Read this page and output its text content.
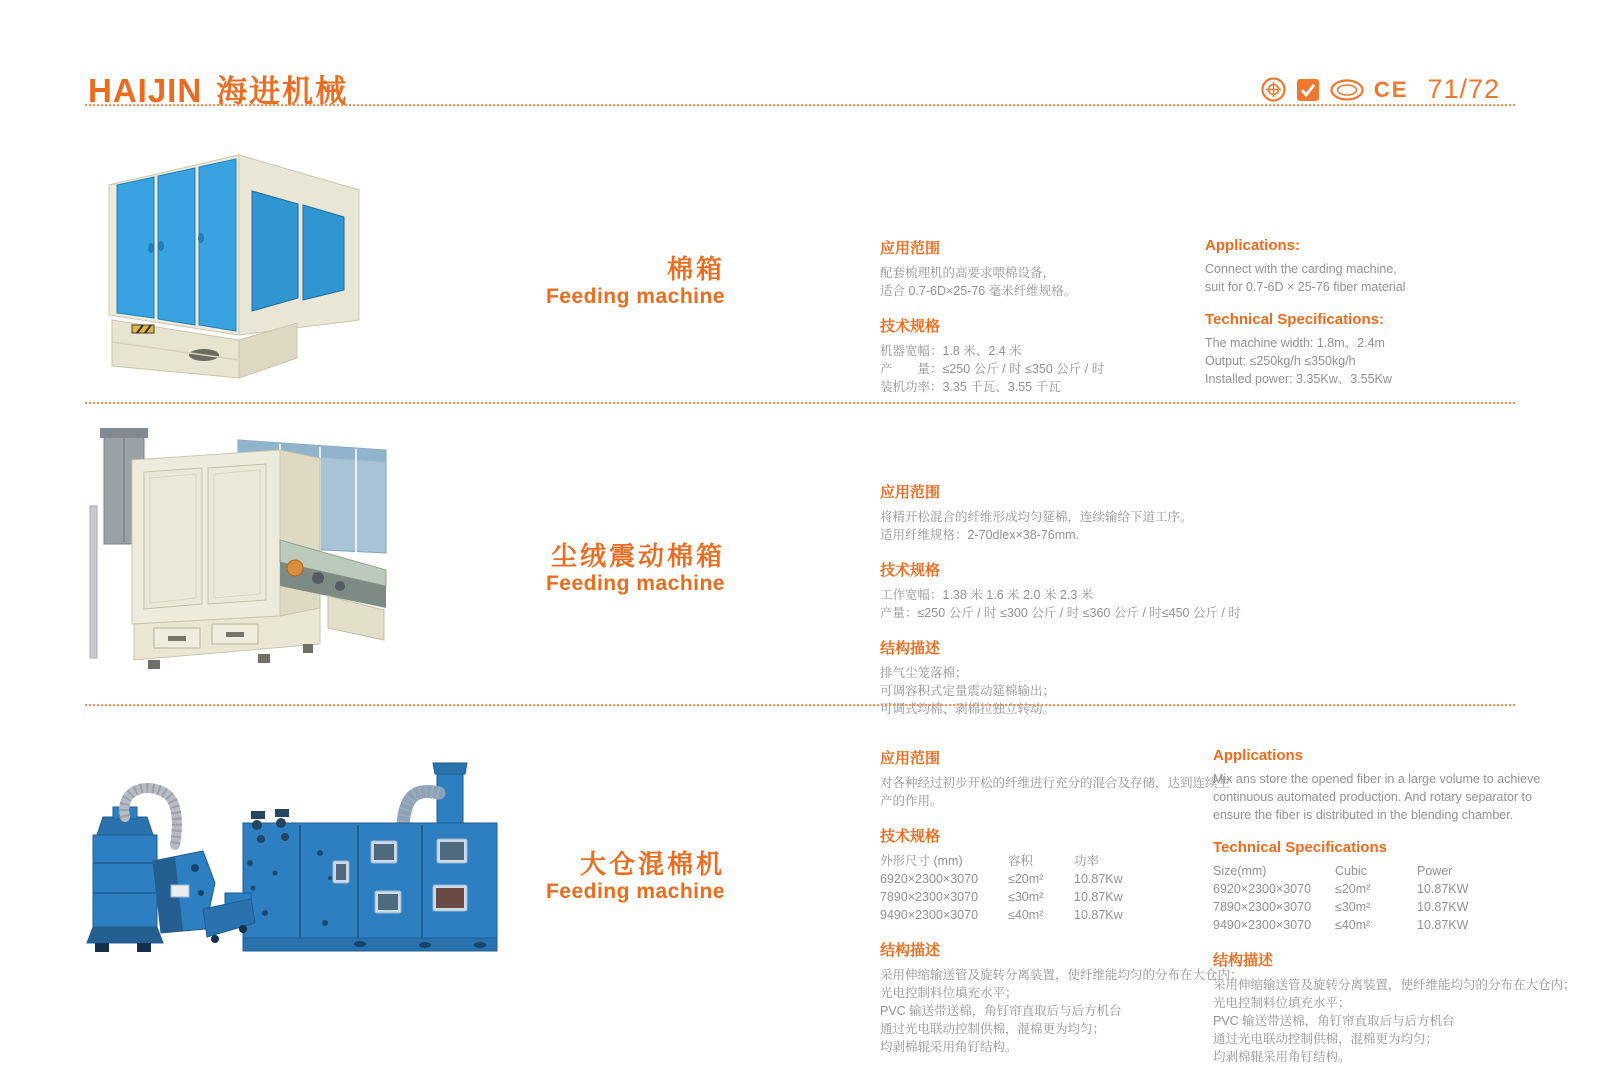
HAIJIN 海进机械	CE 71/72
棉箱
Feeding machine
应用范围
配套梳理机的高要求喂棉设备，
适合 0.7-6D×25-76 毫米纤维规格。
技术规格
机器宽幅：1.8 米、2.4 米
产　　量：≤250 公斤 / 时 ≤350 公斤 / 时
装机功率：3.35 千瓦、3.55 千瓦
Applications:
Connect with the carding machine,
suit for 0.7-6D × 25-76 fiber material
Technical Specifications:
The machine width: 1.8m、2.4m
Output: ≤250kg/h ≤350kg/h
Installed power: 3.35Kw、3.55Kw
尘绒震动棉箱
Feeding machine
应用范围
将精开松混合的纤维形成均匀筵棉，连续输给下道工序。
适用纤维规格：2-70dlex×38-76mm.
技术规格
工作宽幅：1.38 米 1.6 米 2.0 米 2.3 米
产量：≤250 公斤 / 时 ≤300 公斤 / 时 ≤360 公斤 / 时≤450 公斤 / 时
结构描述
排气尘笼落棉；
可调容积式定量震动筵棉输出；
可调式均棉、剥棉拉独立转动。
大仓混棉机
Feeding machine
应用范围
对各种经过初步开松的纤维进行充分的混合及存储，达到连续生
产的作用。
技术规格
外形尺寸 (mm)	容积	功率
6920×2300×3070	≤20m²	10.87Kw
7890×2300×3070	≤30m²	10.87Kw
9490×2300×3070	≤40m²	10.87Kw
结构描述
采用伸缩输送管及旋转分离装置，使纤维能均匀的分布在大仓内；
光电控制料位填充水平；
PVC 输送带送棉，角钉帘直取后与后方机台
通过光电联动控制供棉，混棉更为均匀；
均剥棉辊采用角钉结构。
Applications
Mix ans store the opened fiber in a large volume to achieve
continuous automated production. And rotary separator to
ensure the fiber is distributed in the blending chamber.
Technical Specifications
Size(mm)	Cubic	Power
6920×2300×3070	≤20m²	10.87KW
7890×2300×3070	≤30m²	10.87KW
9490×2300×3070	≤40m²	10.87KW
结构描述
采用伸缩输送管及旋转分离装置，使纤维能均匀的分布在大仓内；
光电控制料位填充水平；
PVC 输送带送棉，角钉帘直取后与后方机台
通过光电联动控制供棉，混棉更为均匀；
均剥棉辊采用角钉结构。
